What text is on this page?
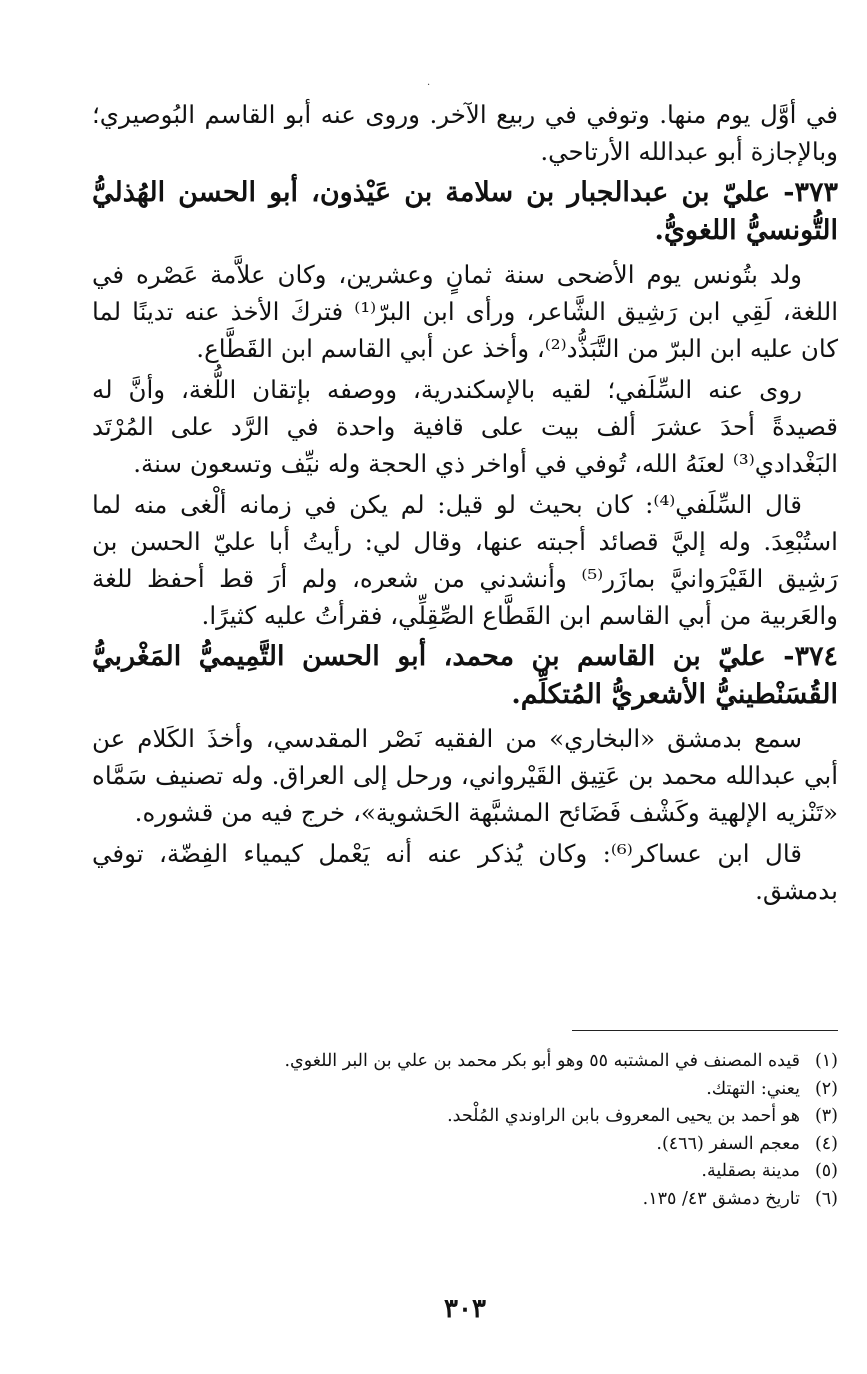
·

في أوَّل يوم منها. وتوفي في ربيع الآخر. وروى عنه أبو القاسم البُوصيري؛ وبالإجازة أبو عبدالله الأرتاحي.

٣٧٣- عليّ بن عبدالجبار بن سلامة بن عَيْذون، أبو الحسن الهُذليُّ التُّونسيُّ اللغويُّ.

ولد بتُونس يوم الأضحى سنة ثمانٍ وعشرين، وكان علاَّمة عَصْره في اللغة، لَقِي ابن رَشِيق الشَّاعر، ورأى ابن البرّ⁽¹⁾ فتركَ الأخذ عنه تدينًا لما كان عليه ابن البرّ من التَّبَذُّد⁽²⁾، وأخذ عن أبي القاسم ابن القَطَّاع.

روى عنه السِّلَفي؛ لقيه بالإسكندرية، ووصفه بإتقان اللُّغة، وأنَّ له قصيدةً أحدَ عشرَ ألف بيت على قافية واحدة في الرَّد على المُرْتَد البَغْدادي⁽³⁾ لعنَهُ الله، تُوفي في أواخر ذي الحجة وله نيِّف وتسعون سنة.

قال السِّلَفي⁽⁴⁾: كان بحيث لو قيل: لم يكن في زمانه ألْغى منه لما استُبْعِدَ. وله إليَّ قصائد أجبته عنها، وقال لي: رأيتُ أبا عليّ الحسن بن رَشِيق القَيْرَوانيَّ بمازَر⁽⁵⁾ وأنشدني من شعره، ولم أرَ قط أحفظ للغة والعَربية من أبي القاسم ابن القَطَّاع الصِّقِلِّي، فقرأتُ عليه كثيرًا.

٣٧٤- عليّ بن القاسم بن محمد، أبو الحسن التَّمِيميُّ المَغْربيُّ القُسَنْطينيُّ الأشعريُّ المُتكلِّم.

سمع بدمشق «البخاري» من الفقيه نَصْر المقدسي، وأخذَ الكَلام عن أبي عبدالله محمد بن عَتِيق القَيْرواني، ورحل إلى العراق. وله تصنيف سَمَّاه «تَنْزيه الإلهية وكَشْف فَضَائح المشبَّهة الحَشوية»، خرج فيه من قشوره.

قال ابن عساكر⁽⁶⁾: وكان يُذكر عنه أنه يَعْمل كيمياء الفِضّة، توفي بدمشق.

(١)
قيده المصنف في المشتبه ٥٥ وهو أبو بكر محمد بن علي بن البر اللغوي.
(٢)
يعني: التهتك.
(٣)
هو أحمد بن يحيى المعروف بابن الراوندي المُلْحد.
(٤)
معجم السفر (٤٦٦).
(٥)
مدينة بصقلية.
(٦)
تاريخ دمشق ٤٣/ ١٣٥.
٣٠٣
